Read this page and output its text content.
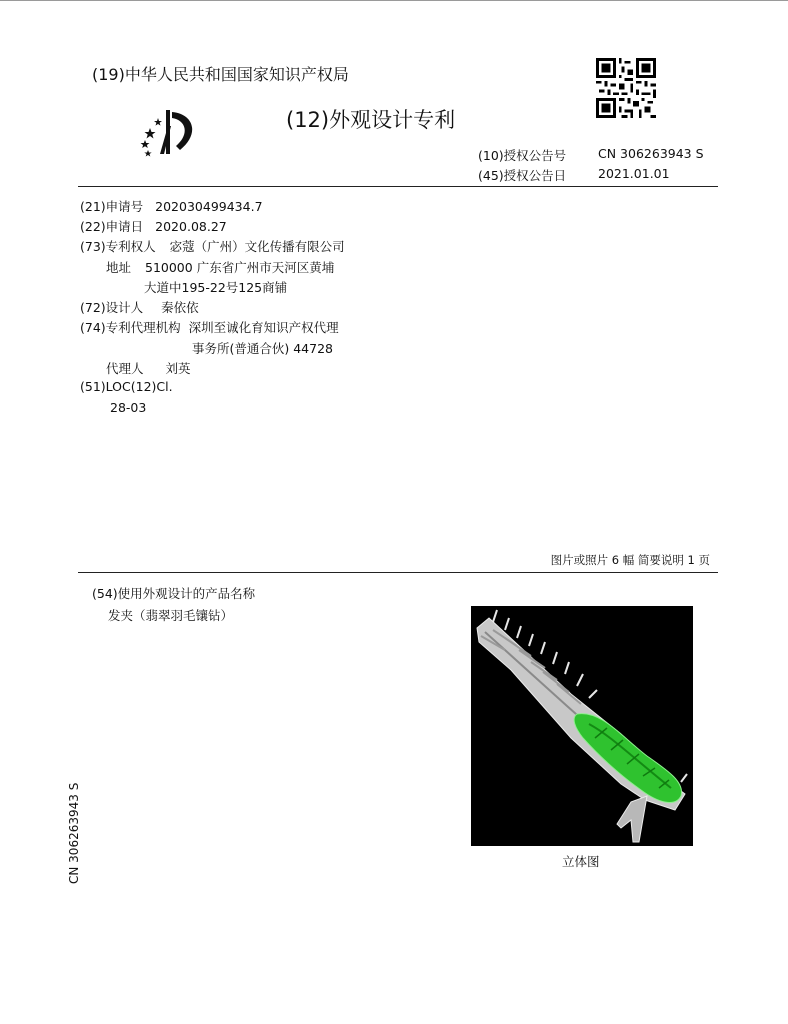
(19)中华人民共和国国家知识产权局
(12)外观设计专利
(10)授权公告号	CN 306263943 S
(45)授权公告日	2021.01.01
(21)申请号 202030499434.7
(22)申请日 2020.08.27
(73)专利权人 宓蔻（广州）文化传播有限公司
地址 510000 广东省广州市天河区黄埔
大道中195-22号125商铺
(72)设计人 秦依依
(74)专利代理机构 深圳至诚化育知识产权代理
事务所(普通合伙) 44728
代理人 刘英
(51)LOC(12)Cl.
28-03
图片或照片 6 幅 简要说明 1 页
(54)使用外观设计的产品名称
发夹（翡翠羽毛镶钻）
立体图
CN 306263943 S
